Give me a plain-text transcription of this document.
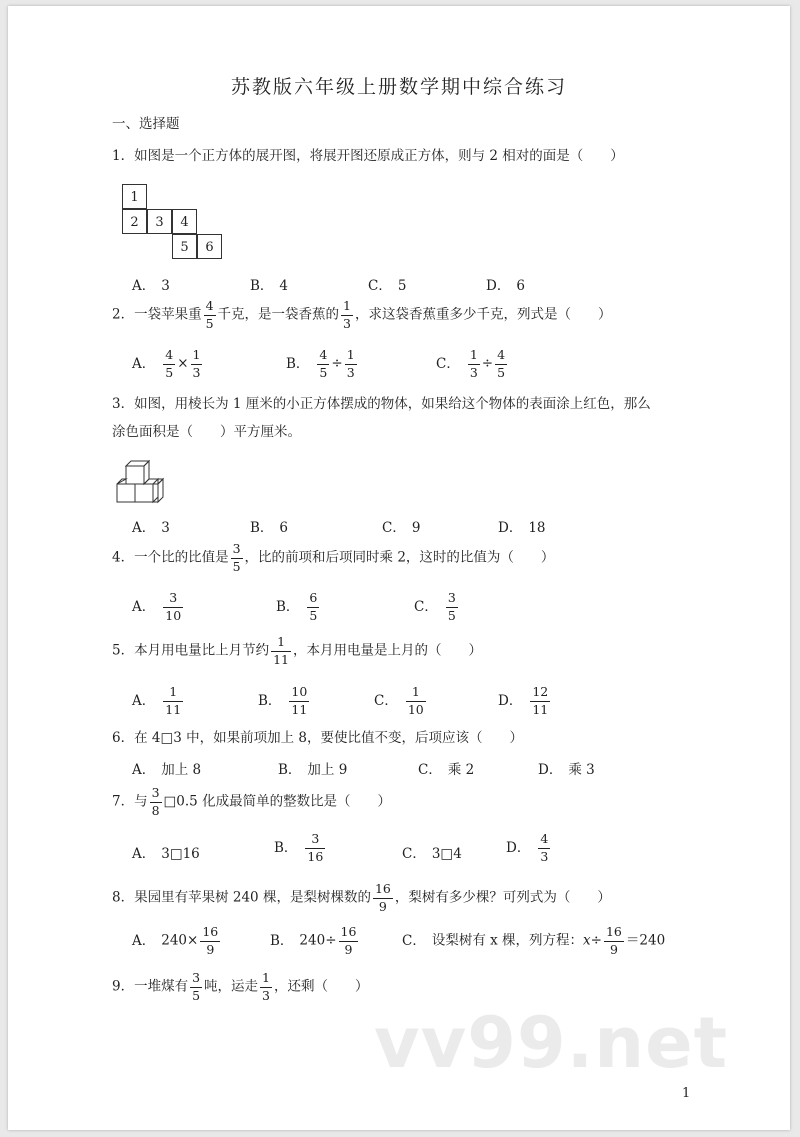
苏教版六年级上册数学期中综合练习
一、选择题
1．如图是一个正方体的展开图，将展开图还原成正方体，则与 2 相对的面是（　　）
1
2	3	4
5	6
A． 3	B． 4	C． 5	D． 6
2．一袋苹果重 $\frac{4}{5}$ 千克，是一袋香蕉的 $\frac{1}{3}$ ，求这袋香蕉重多少千克，列式是（　　）
A． $\frac{4}{5} \times \frac{1}{3}$	B． $\frac{4}{5} \div \frac{1}{3}$	C． $\frac{1}{3} \div \frac{4}{5}$
3．如图，用棱长为 1 厘米的小正方体摆成的物体，如果给这个物体的表面涂上红色，那么
涂色面积是（　　）平方厘米。
A． 3	B． 6	C． 9	D． 18
4．一个比的比值是 $\frac{3}{5}$ ，比的前项和后项同时乘 2，这时的比值为（　　）
A． $\frac{3}{10}$	B． $\frac{6}{5}$	C． $\frac{3}{5}$
5．本月用电量比上月节约 $\frac{1}{11}$ ，本月用电量是上月的（　　）
A． $\frac{1}{11}$	B． $\frac{10}{11}$	C． $\frac{1}{10}$	D． $\frac{12}{11}$
6．在 4□3 中，如果前项加上 8，要使比值不变，后项应该（　　）
A． 加上 8	B． 加上 9	C． 乘 2	D． 乘 3
7．与 $\frac{3}{8}$ □0.5 化成最简单的整数比是（　　）
A． 3□16	B． $\frac{3}{16}$	C． 3□4	D． $\frac{4}{3}$
8．果园里有苹果树 240 棵，是梨树棵数的 $\frac{16}{9}$ ，梨树有多少棵？可列式为（　　）
A． $240\times \frac{16}{9}$	B． $240\div \frac{16}{9}$	C． 设梨树有 x 棵，列方程：$x\div \frac{16}{9} =240$
9．一堆煤有 $\frac{3}{5}$ 吨，运走 $\frac{1}{3}$ ，还剩（　　）
vv99.net
1
